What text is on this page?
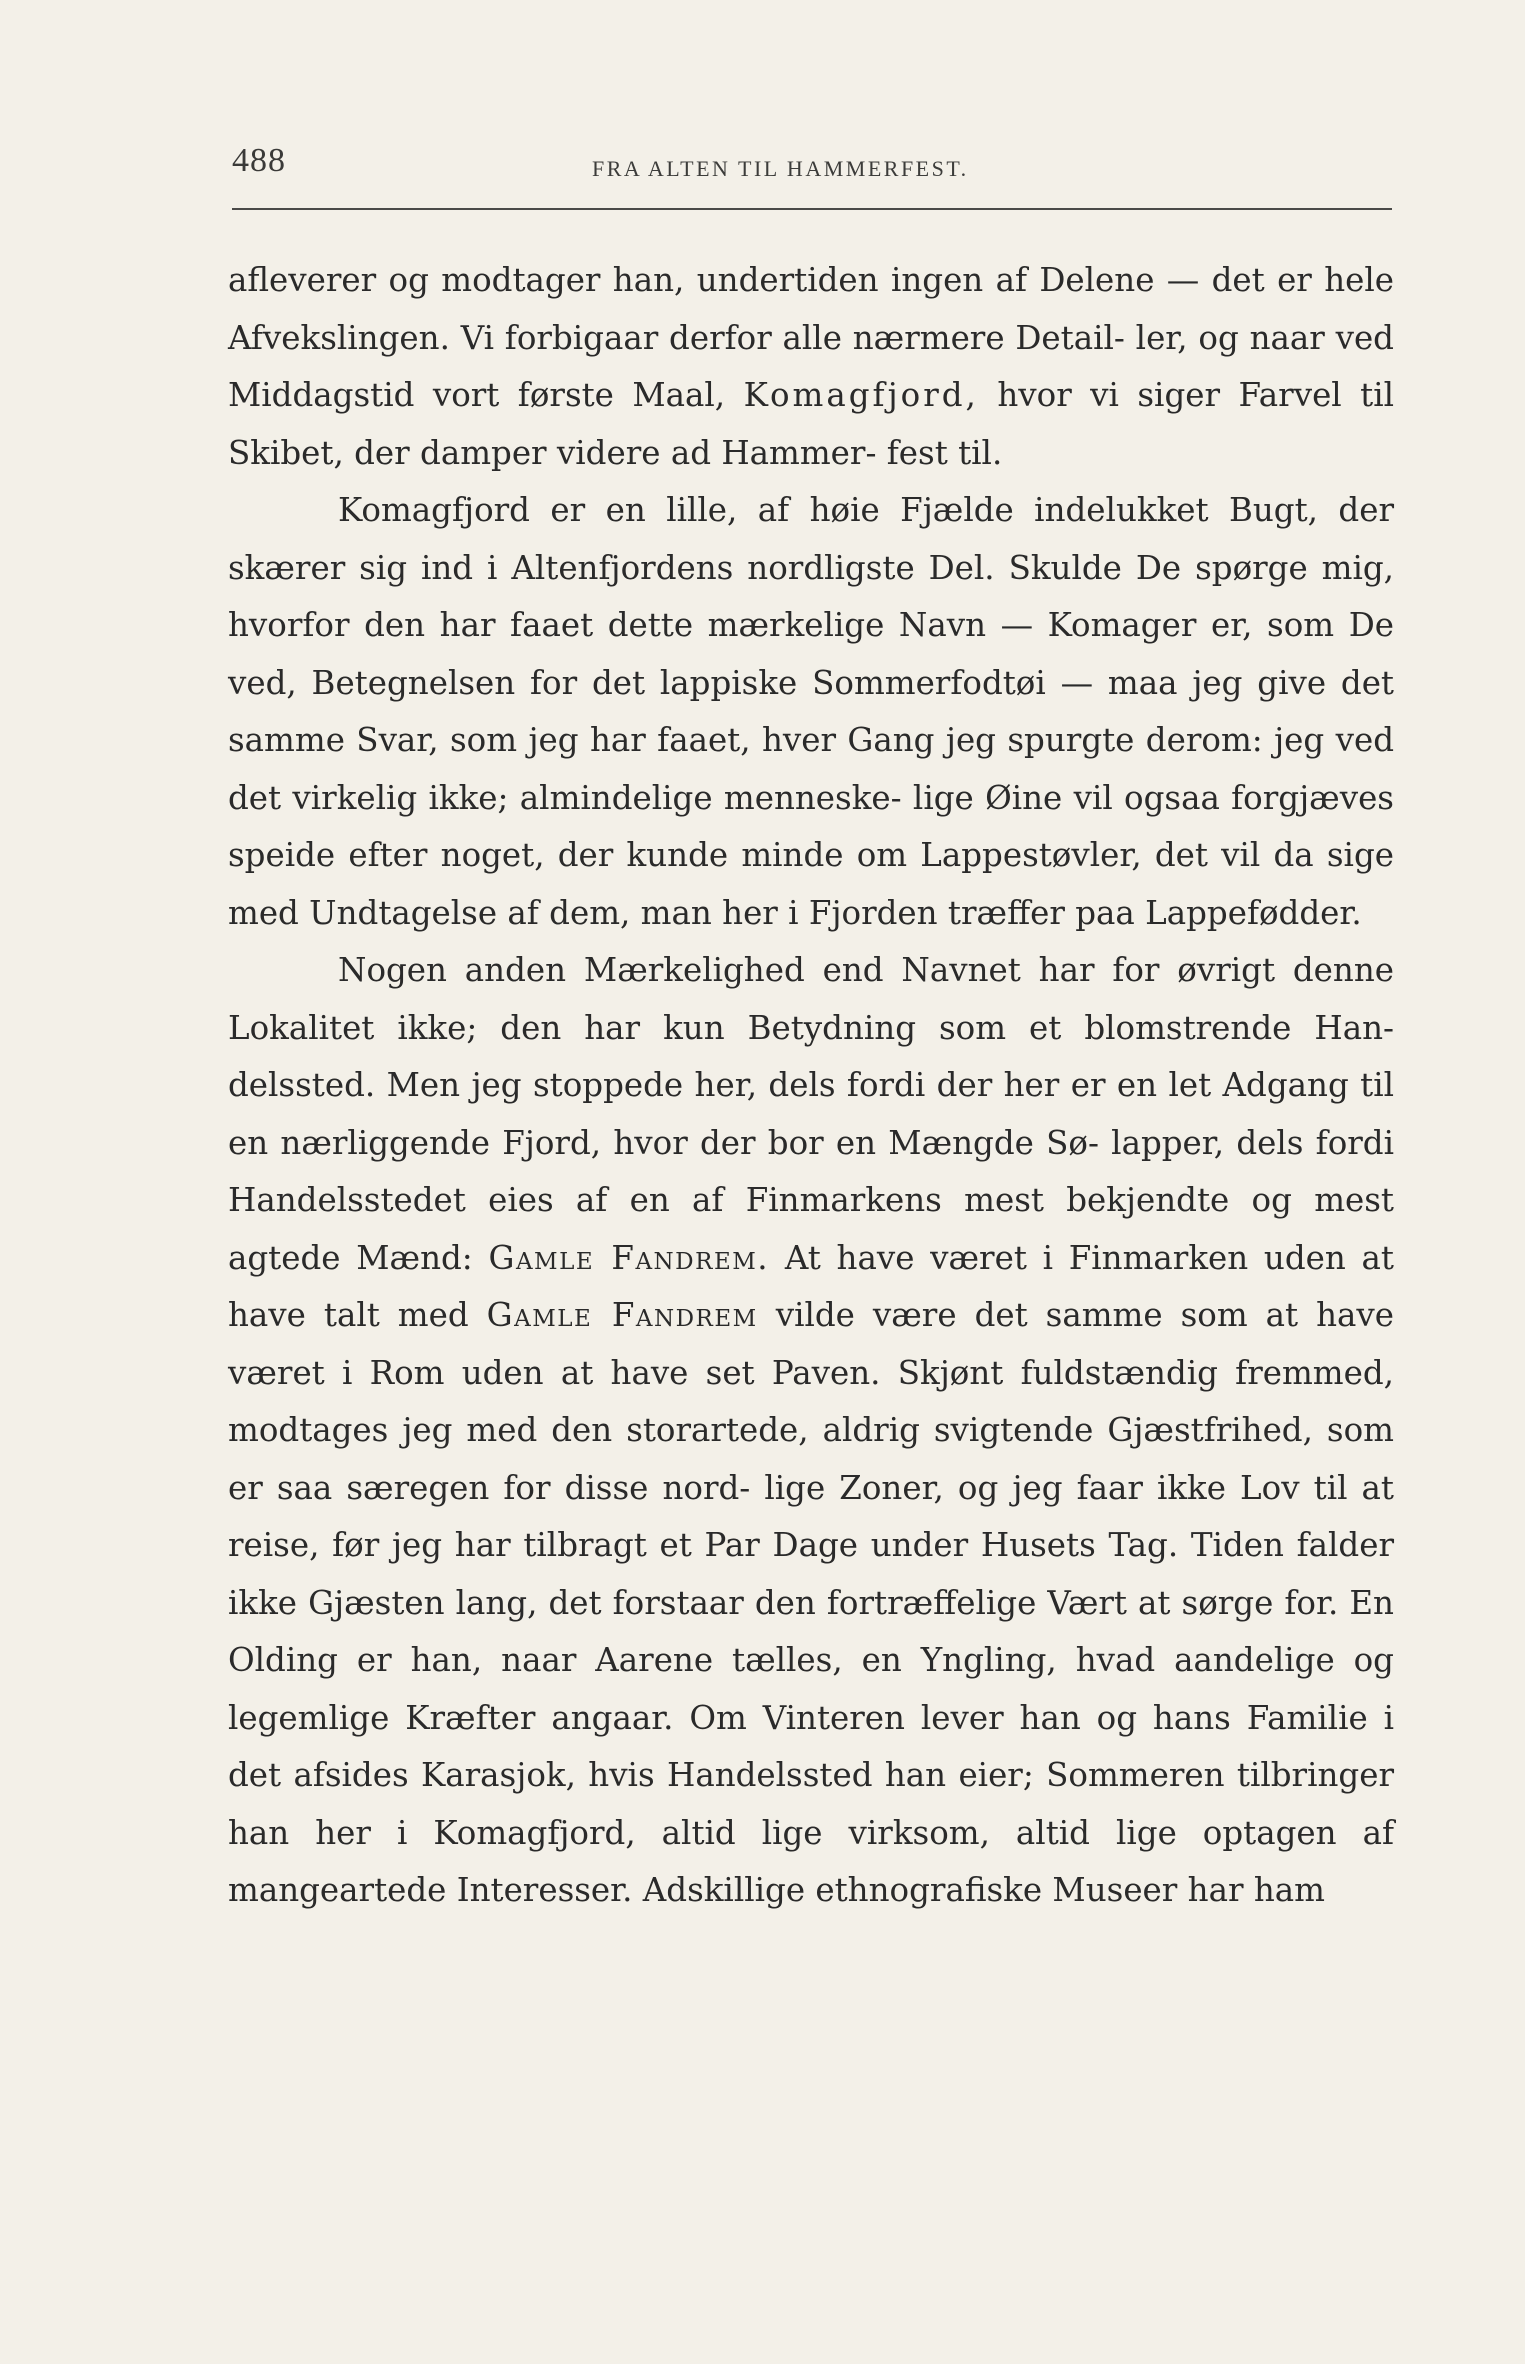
488	FRA ALTEN TIL HAMMERFEST.

afleverer og modtager han, undertiden ingen af Delene — det er hele Afvekslingen. Vi forbigaar derfor alle nærmere Detail- ler, og naar ved Middagstid vort første Maal, Komagfjord, hvor vi siger Farvel til Skibet, der damper videre ad Hammer- fest til.

Komagfjord er en lille, af høie Fjælde indelukket Bugt, der skærer sig ind i Altenfjordens nordligste Del. Skulde De spørge mig, hvorfor den har faaet dette mærkelige Navn — Komager er, som De ved, Betegnelsen for det lappiske Sommerfodtøi — maa jeg give det samme Svar, som jeg har faaet, hver Gang jeg spurgte derom: jeg ved det virkelig ikke; almindelige menneske- lige Øine vil ogsaa forgjæves speide efter noget, der kunde minde om Lappestøvler, det vil da sige med Undtagelse af dem, man her i Fjorden træffer paa Lappefødder.

Nogen anden Mærkelighed end Navnet har for øvrigt denne Lokalitet ikke; den har kun Betydning som et blomstrende Han- delssted. Men jeg stoppede her, dels fordi der her er en let Adgang til en nærliggende Fjord, hvor der bor en Mængde Sø- lapper, dels fordi Handelsstedet eies af en af Finmarkens mest bekjendte og mest agtede Mænd: Gamle Fandrem. At have været i Finmarken uden at have talt med Gamle Fandrem vilde være det samme som at have været i Rom uden at have set Paven. Skjønt fuldstændig fremmed, modtages jeg med den storartede, aldrig svigtende Gjæstfrihed, som er saa særegen for disse nord- lige Zoner, og jeg faar ikke Lov til at reise, før jeg har tilbragt et Par Dage under Husets Tag. Tiden falder ikke Gjæsten lang, det forstaar den fortræffelige Vært at sørge for. En Olding er han, naar Aarene tælles, en Yngling, hvad aandelige og legemlige Kræfter angaar. Om Vinteren lever han og hans Familie i det afsides Karasjok, hvis Handelssted han eier; Sommeren tilbringer han her i Komagfjord, altid lige virksom, altid lige optagen af mangeartede Interesser. Adskillige ethnografiske Museer har ham
